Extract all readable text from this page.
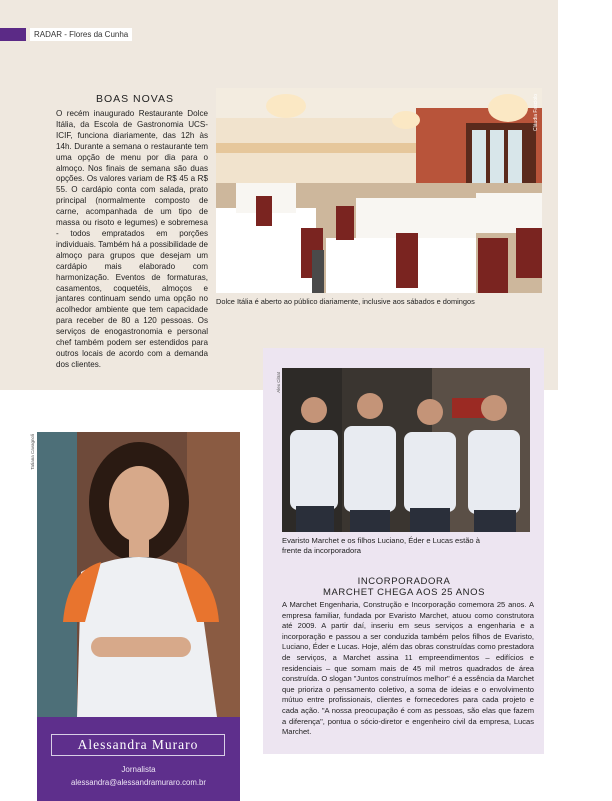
RADAR - Flores da Cunha
BOAS NOVAS
O recém inaugurado Restaurante Dolce Itália, da Escola de Gastronomia UCS-ICIF, funciona diariamente, das 12h às 14h. Durante a semana o restaurante tem uma opção de menu por dia para o almoço. Nos finais de semana são duas opções. Os valores variam de R$ 45 a R$ 55. O cardápio conta com salada, prato principal (normalmente composto de carne, acompanhada de um tipo de massa ou risoto e legumes) e sobremesa - todos empratados em porções individuais. Também há a possibilidade de almoço para grupos que desejam um cardápio mais elaborado com harmonização. Eventos de formaturas, casamentos, coquetéis, almoços e jantares continuam sendo uma opção no acolhedor ambiente que tem capacidade para receber de 80 a 120 pessoas. Os serviços de enogastronomia e personal chef também podem ser estendidos para outros locais de acordo com a demanda dos clientes.
Cláudia Fasciolo
Dolce Itália é aberto ao público diariamente, inclusive aos sábados e domingos
Alex Citrat
Evaristo Marchet e os filhos Luciano, Éder e Lucas estão à frente da incorporadora
INCORPORADORA
MARCHET CHEGA AOS 25 ANOS
A Marchet Engenharia, Construção e Incorporação comemora 25 anos. A empresa familiar, fundada por Evaristo Marchet, atuou como construtora até 2009. A partir daí, inseriu em seus serviços a engenharia e a incorporação e passou a ser conduzida também pelos filhos de Evaristo, Luciano, Éder e Lucas. Hoje, além das obras construídas como prestadora de serviços, a Marchet assina 11 empreendimentos – edifícios e residenciais – que somam mais de 45 mil metros quadrados de área construída. O slogan "Juntos construímos melhor" é a essência da Marchet que prioriza o pensamento coletivo, a soma de ideias e o envolvimento mútuo entre profissionais, clientes e fornecedores para cada projeto e cada ação. "A nossa preocupação é com as pessoas, são elas que fazem a diferença", pontua o sócio-diretor e engenheiro civil da empresa, Lucas Marchet.
Tatiana Cavagnoli
Alessandra Muraro
Jornalista
alessandra@alessandramuraro.com.br
